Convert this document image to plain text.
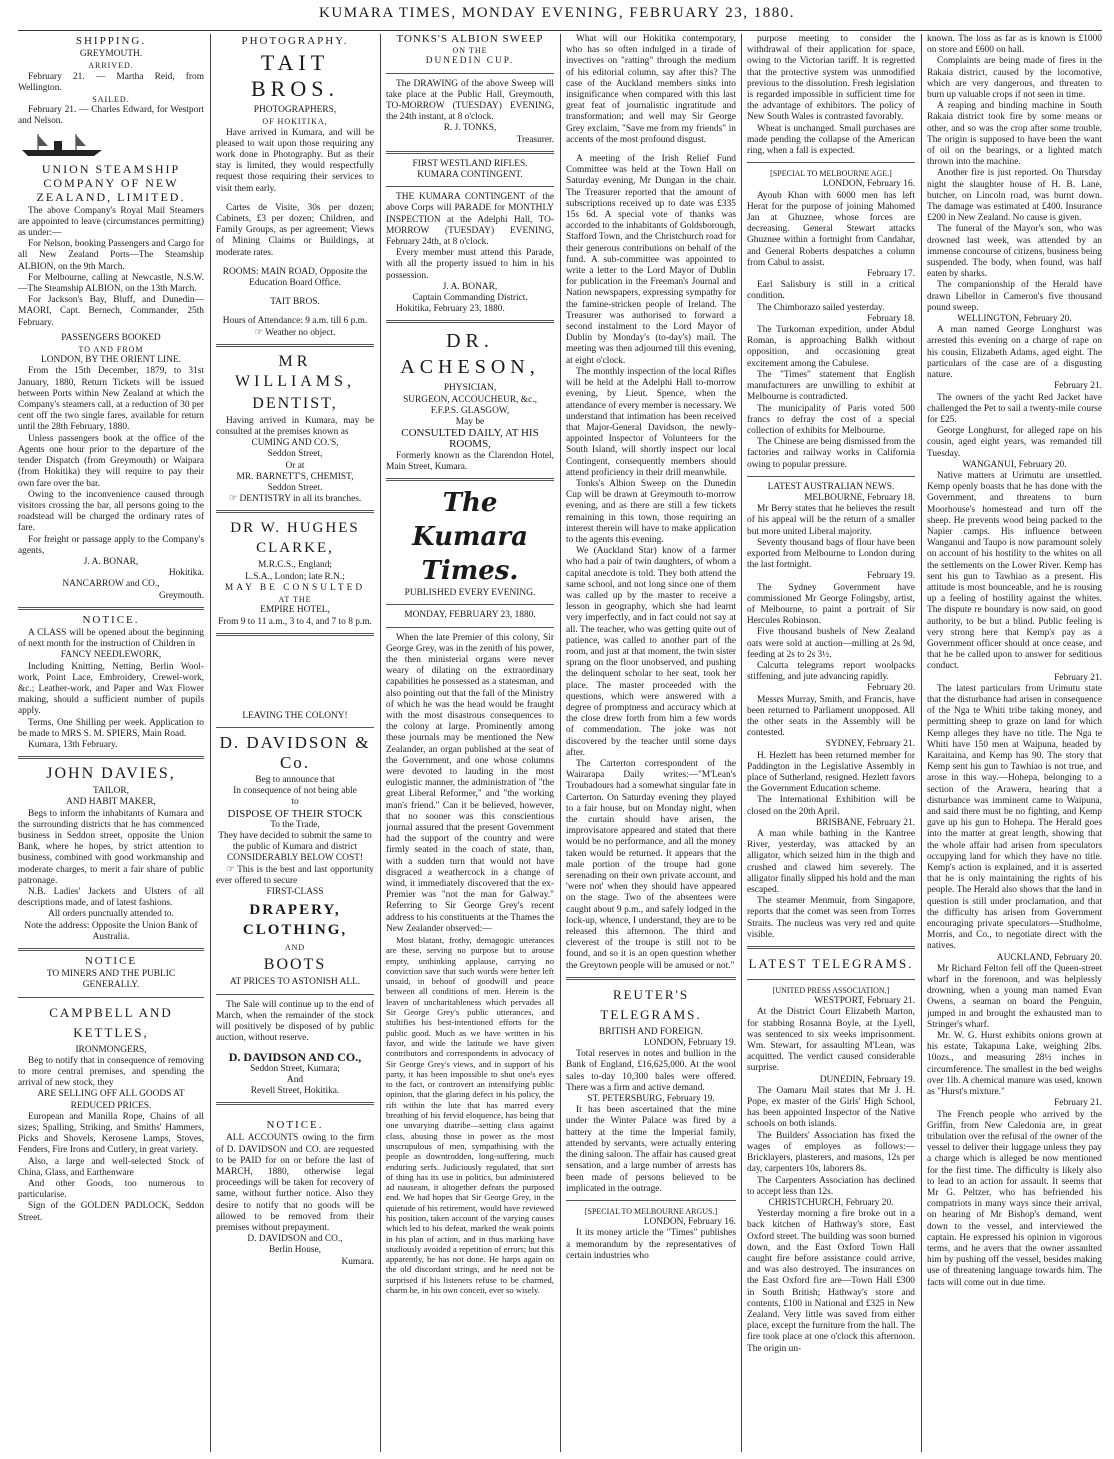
KUMARA TIMES, MONDAY EVENING, FEBRUARY 23, 1880.
SHIPPING.
GREYMOUTH.
ARRIVED.

February 21. — Martha Reid, from Wellington.

SAILED.

February 21. — Charles Edward, for Westport and Nelson.

UNION STEAMSHIP COMPANY OF NEW ZEALAND, LIMITED.

The above Company's Royal Mail Steamers are appointed to leave (circumstances permitting) as under:—

For Nelson, booking Passengers and Cargo for all New Zealand Ports—The Steamship ALBION, on the 9th March.

For Melbourne, calling at Newcastle, N.S.W.—The Steamship ALBION, on the 13th March.

For Jackson's Bay, Bluff, and Dunedin—MAORI, Capt. Bernech, Commander, 25th February.

PASSENGERS BOOKED
TO AND FROM
LONDON, BY THE ORIENT LINE.

From the 15th December, 1879, to 31st January, 1880, Return Tickets will be issued between Ports within New Zealand at which the Company's steamers call, at a reduction of 30 per cent off the two single fares, available for return until the 28th February, 1880.

Unless passengers book at the office of the Agents one hour prior to the departure of the tender Dispatch (from Greymouth) or Waipara (from Hokitika) they will require to pay their own fare over the bar.

Owing to the inconvenience caused through visitors crossing the bar, all persons going to the roadstead will be charged the ordinary rates of fare.

For freight or passage apply to the Company's agents,

J. A. BONAR,
Hokitika.
NANCARROW and CO.,
Greymouth.
NOTICE.

A CLASS will be opened about the beginning of next month for the instruction of Children in

FANCY NEEDLEWORK,

Including Knitting, Netting, Berlin Wool-work, Point Lace, Embroidery, Crewel-work, &c.; Leather-work, and Paper and Wax Flower making, should a sufficient number of pupils apply.

Terms, One Shilling per week. Application to be made to MRS S. M. SPIERS, Main Road.

Kumara, 13th February.

JOHN DAVIES,
TAILOR,
AND HABIT MAKER,

Begs to inform the inhabitants of Kumara and the surrounding districts that he has commenced business in Seddon street, opposite the Union Bank, where he hopes, by strict attention to business, combined with good workmanship and moderate charges, to merit a fair share of public patronage.

N.B. Ladies' Jackets and Ulsters of all descriptions made, and of latest fashions.

All orders punctually attended to.

Note the address: Opposite the Union Bank of Australia.

NOTICE
TO MINERS AND THE PUBLIC GENERALLY.
CAMPBELL AND KETTLES,
IRONMONGERS,

Beg to notify that in consequence of removing to more central premises, and spending the arrival of new stock, they

ARE SELLING OFF ALL GOODS AT REDUCED PRICES.

European and Manilla Rope, Chains of all sizes; Spalling, Striking, and Smiths' Hammers, Picks and Shovels, Kerosene Lamps, Stoves, Fenders, Fire Irons and Cutlery, in great variety.

Also, a large and well-selected Stock of China, Glass, and Earthenware

And other Goods, too numerous to particularise.

Sign of the GOLDEN PADLOCK, Seddon Street.

PHOTOGRAPHY.
TAIT BROS.
PHOTOGRAPHERS,
OF HOKITIKA,

Have arrived in Kumara, and will be pleased to wait upon those requiring any work done in Photography. But as their stay is limited, they would respectfully request those requiring their services to visit them early.

Cartes de Visite, 30s per dozen; Cabinets, £3 per dozen; Children, and Family Groups, as per agreement; Views of Mining Claims or Buildings, at moderate rates.

ROOMS: MAIN ROAD, Opposite the Education Board Office.
TAIT BROS.
Hours of Attendance: 9 a.m. till 6 p.m.
☞ Weather no object.
MR WILLIAMS,
DENTIST,

Having arrived in Kumara, may be consulted at the premises known as

CUMING AND CO.'S,
Seddon Street,
Or at
MR. BARNETT'S, CHEMIST,
Seddon Street.
☞ DENTISTRY in all its branches.
DR W. HUGHES CLARKE,
M.R.C.S., England;
L.S.A., London; late R.N.;
MAY BE CONSULTED
AT THE
EMPIRE HOTEL,
From 9 to 11 a.m., 3 to 4, and 7 to 8 p.m.
LEAVING THE COLONY!
D. DAVIDSON & Co.
Beg to announce that
In consequence of not being able
to
DISPOSE OF THEIR STOCK
To the Trade,
They have decided to submit the same to the public of Kumara and district
CONSIDERABLY BELOW COST!

☞ This is the best and last opportunity ever offered to secure

FIRST-CLASS
DRAPERY, CLOTHING,
AND
BOOTS
AT PRICES TO ASTONISH ALL.

The Sale will continue up to the end of March, when the remainder of the stock will positively be disposed of by public auction, without reserve.

D. DAVIDSON AND CO.,
Seddon Street, Kumara;
And
Revell Street, Hokitika.
NOTICE.

ALL ACCOUNTS owing to the firm of D. DAVIDSON and CO. are requested to be PAID for on or before the last of MARCH, 1880, otherwise legal proceedings will be taken for recovery of same, without further notice. Also they desire to notify that no goods will be allowed to be removed from their premises without prepayment.

D. DAVIDSON and CO.,
Berlin House,
Kumara.
TONKS'S ALBION SWEEP
ON THE
DUNEDIN CUP.

The DRAWING of the above Sweep will take place at the Public Hall, Greymouth, TO-MORROW (TUESDAY) EVENING, the 24th instant, at 8 o'clock.

R. J. TONKS,
Treasurer.
FIRST WESTLAND RIFLES.
KUMARA CONTINGENT.

THE KUMARA CONTINGENT of the above Corps will PARADE for MONTHLY INSPECTION at the Adelphi Hall, TO-MORROW (TUESDAY) EVENING, February 24th, at 8 o'clock.

Every member must attend this Parade, with all the property issued to him in his possession.

J. A. BONAR,
Captain Commanding District.

Hokitika, February 23, 1880.

DR. ACHESON,
PHYSICIAN,
SURGEON, ACCOUCHEUR, &c.,
F.F.P.S. GLASGOW,
May be
CONSULTED DAILY, AT HIS ROOMS,

Formerly known as the Clarendon Hotel, Main Street, Kumara.

The Kumara Times.
PUBLISHED EVERY EVENING.
MONDAY, FEBRUARY 23, 1880.

When the late Premier of this colony, Sir George Grey, was in the zenith of his power, the then ministerial organs were never weary of dilating on the extraordinary capabilities he possessed as a statesman, and also pointing out that the fall of the Ministry of which he was the head would be fraught with the most disastrous consequences to the colony at large. Prominently among these journals may be mentioned the New Zealander, an organ published at the seat of the Government, and one whose columns were devoted to lauding in the most eulogistic manner, the administration of "the great Liberal Reformer," and "the working man's friend." Can it be believed, however, that no sooner was this conscientious journal assured that the present Government had the support of the country and were firmly seated in the coach of state, than, with a sudden turn that would not have disgraced a weathercock in a change of wind, it immediately discovered that the ex-Premier was "not the man for Galway." Referring to Sir George Grey's recent address to his constituents at the Thames the New Zealander observed:—

Most blatant, frothy, demagogic utterances are these, serving no purpose but to arouse empty, unthinking applause, carrying no conviction save that such words were better left unsaid, in behoof of goodwill and peace between all conditions of men. Herein is the leaven of uncharitableness which pervades all Sir George Grey's public utterances, and stultifies his best-intentioned efforts for the public good. Much as we have written in his favor, and wide the latitude we have given contributors and correspondents in advocacy of Sir George Grey's views, and in support of his party, it has been impossible to shut one's eyes to the fact, or controvert an intensifying public opinion, that the glaring defect in his policy, the rift within the lute that has marred every breathing of his fervid eloquence, has being that one unvarying diatribe—setting class against class, abusing those in power as the most unscrupulous of men, sympathising with the people as downtrodden, long-suffering, much enduring serfs. Judiciously regulated, that sort of thing has its use in politics, but administered ad nauseam, it altogether defeats the purposed end. We had hopes that Sir George Grey, in the quietude of his retirement, would have reviewed his position, taken account of the varying causes which led to his defeat, marked the weak points in his plan of action, and in thus marking have studiously avoided a repetition of errors; but this apparently, he has not done. He harps again on the old discordant strings, and he need not be surprised if his listeners refuse to be charmed, charm he, in his own conceit, ever so wisely.

What will our Hokitika contemporary, who has so often indulged in a tirade of invectives on "ratting" through the medium of his editorial column, say after this? The case of the Auckland members sinks into insignificance when compared with this last great feat of journalistic ingratitude and transformation; and well may Sir George Grey exclaim, "Save me from my friends" in accents of the most profound disgust.

A meeting of the Irish Relief Fund Committee was held at the Town Hall on Saturday evening, Mr Dungan in the chair. The Treasurer reported that the amount of subscriptions received up to date was £335 15s 6d. A special vote of thanks was accorded to the inhabitants of Goldsborough, Stafford Town, and the Christchurch road for their generous contributions on behalf of the fund. A sub-committee was appointed to write a letter to the Lord Mayor of Dublin for publication in the Freeman's Journal and Nation newspapers, expressing sympathy for the famine-stricken people of Ireland. The Treasurer was authorised to forward a second instalment to the Lord Mayor of Dublin by Monday's (to-day's) mail. The meeting was then adjourned till this evening, at eight o'clock.

The monthly inspection of the local Rifles will be held at the Adelphi Hall to-morrow evening, by Lieut. Spence, when the attendance of every member is necessary. We understand that intimation has been received that Major-General Davidson, the newly-appointed Inspector of Volunteers for the South Island, will shortly inspect our local Contingent, consequently members should attend proficiency in their drill meanwhile.

Tonks's Albion Sweep on the Dunedin Cup will be drawn at Greymouth to-morrow evening, and as there are still a few tickets remaining in this town, those requiring an interest therein will have to make application to the agents this evening.

We (Auckland Star) know of a farmer who had a pair of twin daughters, of whom a capital anecdote is told. They both attend the same school, and not long since one of them was called up by the master to receive a lesson in geography, which she had learnt very imperfectly, and in fact could not say at all. The teacher, who was getting quite out of patience, was called to another part of the room, and just at that moment, the twin sister sprang on the floor unobserved, and pushing the delinquent scholar to her seat, took her place. The master proceeded with the questions, which were answered with a degree of promptness and accuracy which at the close drew forth from him a few words of commendation. The joke was not discovered by the teacher until some days after.

The Carterton correspondent of the Wairarapa Daily writes:—"M'Lean's Troubadours had a somewhat singular fate in Carterton. On Saturday evening they played to a fair house, but on Monday night, when the curtain should have arisen, the improvisatore appeared and stated that there would be no performance, and all the money taken would be returned. It appears that the male portion of the troupe had gone serenading on their own private account, and 'were not' when they should have appeared on the stage. Two of the absentees were caught about 9 p.m., and safely lodged in the lock-up, whence, I understand, they are to be released this afternoon. The third and cleverest of the troupe is still not to be found, and so it is an open question whether the Greytown people will be amused or not."

REUTER'S TELEGRAMS.
BRITISH AND FOREIGN.
LONDON, February 19.

Total reserves in notes and bullion in the Bank of England, £16,625,000. At the wool sales to-day 10,300 bales were offered. There was a firm and active demand.

ST. PETERSBURG, February 19.

It has been ascertained that the mine under the Winter Palace was fired by a battery at the time the Imperial family, attended by servants, were actually entering the dining saloon. The affair has caused great sensation, and a large number of arrests has been made of persons believed to be implicated in the outrage.

[SPECIAL TO MELBOURNE ARGUS.]
LONDON, February 16.

It its money article the "Times" publishes a memorandum by the representatives of certain industries who

purpose meeting to consider the withdrawal of their application for space, owing to the Victorian tariff. It is regretted that the protective system was unmodified previous to the dissolution. Fresh legislation is regarded impossible in sufficient time for the advantage of exhibitors. The policy of New South Wales is contrasted favorably.

Wheat is unchanged. Small purchases are made pending the collapse of the American ring, when a fall is expected.

[SPECIAL TO MELBOURNE AGE.]
LONDON, February 16.

Ayoub Khan with 6000 men has left Herat for the purpose of joining Mahomed Jan at Ghuznee, whose forces are decreasing. General Stewart attacks Ghuznee within a fortnight from Candahar, and General Roberts despatches a column from Cabul to assist.

February 17.

Earl Salisbury is still in a critical condition.

The Chimborazo sailed yesterday.

February 18.

The Turkoman expedition, under Abdul Roman, is approaching Balkh without opposition, and occasioning great excitement among the Cabulese.

The "Times" statement that English manufacturers are unwilling to exhibit at Melbourne is contradicted.

The municipality of Paris voted 500 francs to defray the cost of a special collection of exhibits for Melbourne.

The Chinese are being dismissed from the factories and railway works in California owing to popular pressure.

LATEST AUSTRALIAN NEWS.
MELBOURNE, February 18.

Mr Berry states that he believes the result of his appeal will be the return of a smaller but more united Liberal majority.

Seventy thousand bags of flour have been exported from Melbourne to London during the last fortnight.

February 19.

The Sydney Government have commissioned Mr George Folingsby, artist, of Melbourne, to paint a portrait of Sir Hercules Robinson.

Five thousand bushels of New Zealand oats were sold at auction—milling at 2s 9d, feeding at 2s to 2s 3½.

Calcutta telegrams report woolpacks stiffening, and jute advancing rapidly.

February 20.

Messrs Murray, Smith, and Francis, have been returned to Parliament unopposed. All the other seats in the Assembly will be contested.

SYDNEY, February 21.

H. Hezlett has been returned member for Paddington in the Legislative Assembly in place of Sutherland, resigned. Hezlett favors the Government Education scheme.

The International Exhibition will be closed on the 20th April.

BRISBANE, February 21.

A man while bathing in the Kantree River, yesterday, was attacked by an alligator, which seized him in the thigh and crushed and clawed him severely. The alligator finally slipped his hold and the man escaped.

The steamer Menmuir, from Singapore, reports that the comet was seen from Torres Straits. The nucleus was very red and quite visible.

LATEST TELEGRAMS.
[UNITED PRESS ASSOCIATION.]
WESTPORT, February 21.

At the District Court Elizabeth Marton, for stabbing Rosanna Boyle, at the Lyell, was sentenced to six weeks imprisonment. Wm. Stewart, for assaulting M'Lean, was acquitted. The verdict caused considerable surprise.

DUNEDIN, February 19.

The Oamaru Mail states that Mr J. H. Pope, ex master of the Girls' High School, has been appointed Inspector of the Native schools on both islands.

The Builders' Association has fixed the wages of employes as follows:—Bricklayers, plasterers, and masons, 12s per day, carpenters 10s, laborers 8s.

The Carpenters Association has declined to accept less than 12s.

CHRISTCHURCH, February 20.

Yesterday morning a fire broke out in a back kitchen of Hathway's store, East Oxford street. The building was soon burned down, and the East Oxford Town Hall caught fire before assistance could arrive, and was also destroyed. The insurances on the East Oxford fire are—Town Hall £300 in South British; Hathway's store and contents, £100 in National and £325 in New Zealand. Very little was saved from either place, except the furniture from the hall. The fire took place at one o'clock this afternoon. The origin un-

known. The loss as far as is known is £1000 on store and £600 on hall.

Complaints are being made of fires in the Rakaia district, caused by the locomotive, which are very dangerous, and threaten to burn up valuable crops if not seen in time.

A reaping and binding machine in South Rakaia district took fire by some means or other, and so was the crop after some trouble. The origin is supposed to have been the want of oil on the bearings, or a lighted match thrown into the machine.

Another fire is just reported. On Thursday night the slaughter house of H. B. Lane, butcher, on Lincoln road, was burnt down. The damage was estimated at £400. Insurance £200 in New Zealand. No cause is given.

The funeral of the Mayor's son, who was drowned last week, was attended by an immense concourse of citizens, business being suspended. The body, when found, was half eaten by sharks.

The companionship of the Herald have drawn Libellor in Cameron's five thousand pound sweep.

WELLINGTON, February 20.

A man named George Longhurst was arrested this evening on a charge of rape on his cousin, Elizabeth Adams, aged eight. The particulars of the case are of a disgusting nature.

February 21.

The owners of the yacht Red Jacket have challenged the Pet to sail a twenty-mile course for £25.

George Longhurst, for alleged rape on his cousin, aged eight years, was remanded till Tuesday.

WANGANUI, February 20.

Native matters at Urimutu are unsettled. Kemp openly boasts that he has done with the Government, and threatens to burn Moorhouse's homestead and turn off the sheep. He prevents wood being packed to the Napier camps. His influence between Wanganui and Taupo is now paramount solely on account of his hostility to the whites on all the settlements on the Lower River. Kemp has sent his gun to Tawhiao as a present. His attitude is most bounceable, and he is rousing up a feeling of hostility against the whites. The dispute re boundary is now said, on good authority, to be but a blind. Public feeling is very strong here that Kemp's pay as a Government officer should at once cease, and that he be called upon to answer for seditious conduct.

February 21.

The latest particulars from Urimutu state that the disturbance had arisen in consequence of the Nga te Whiti tribe taking money, and permitting sheep to graze on land for which Kemp alleges they have no title. The Nga te Whiti have 150 men at Waipuna, headed by Karaitaina, and Kemp has 90. The story that Kemp sent his gun to Tawhiao is not true, and arose in this way.—Hohepa, belonging to a section of the Arawera, hearing that a disturbance was imminent came to Waipuna, and said there must be no fighting, and Kemp gave up his gun to Hohepa. The Herald goes into the matter at great length, showing that the whole affair had arisen from speculators occupying land for which they have no title. Kemp's action is explained, and it is asserted that he is only maintaining the rights of his people. The Herald also shows that the land in question is still under proclamation, and that the difficulty has arisen from Government encouraging private speculators—Studholme, Morris, and Co., to negotiate direct with the natives.

AUCKLAND, February 20.

Mr Richard Felton fell off the Queen-street wharf in the forenoon, and was helplessly drowning, when a young man named Evan Owens, a seaman on board the Penguin, jumped in and brought the exhausted man to Stringer's wharf.

Mr. W. G. Hurst exhibits onions grown at his estate, Takapuna Lake, weighing 2lbs. 10ozs., and measuring 28½ inches in circumference. The smallest in the bed weighs over 1lb. A chemical manure was used, known as "Hurst's mixture."

February 21.

The French people who arrived by the Griffin, from New Caledonia are, in great tribulation over the refusal of the owner of the vessel to deliver their luggage unless they pay a charge which is alleged be now mentioned for the first time. The difficulty is likely also to lead to an action for assault. It seems that Mr G. Peltzer, who has befriended his compatriots in many ways since their arrival, on hearing of Mr Bishop's demand, went down to the vessel, and interviewed the captain. He expressed his opinion in vigorous terms, and he avers that the owner assaulted him by pushing off the vessel, besides making use of threatening language towards him. The facts will come out in due time.
